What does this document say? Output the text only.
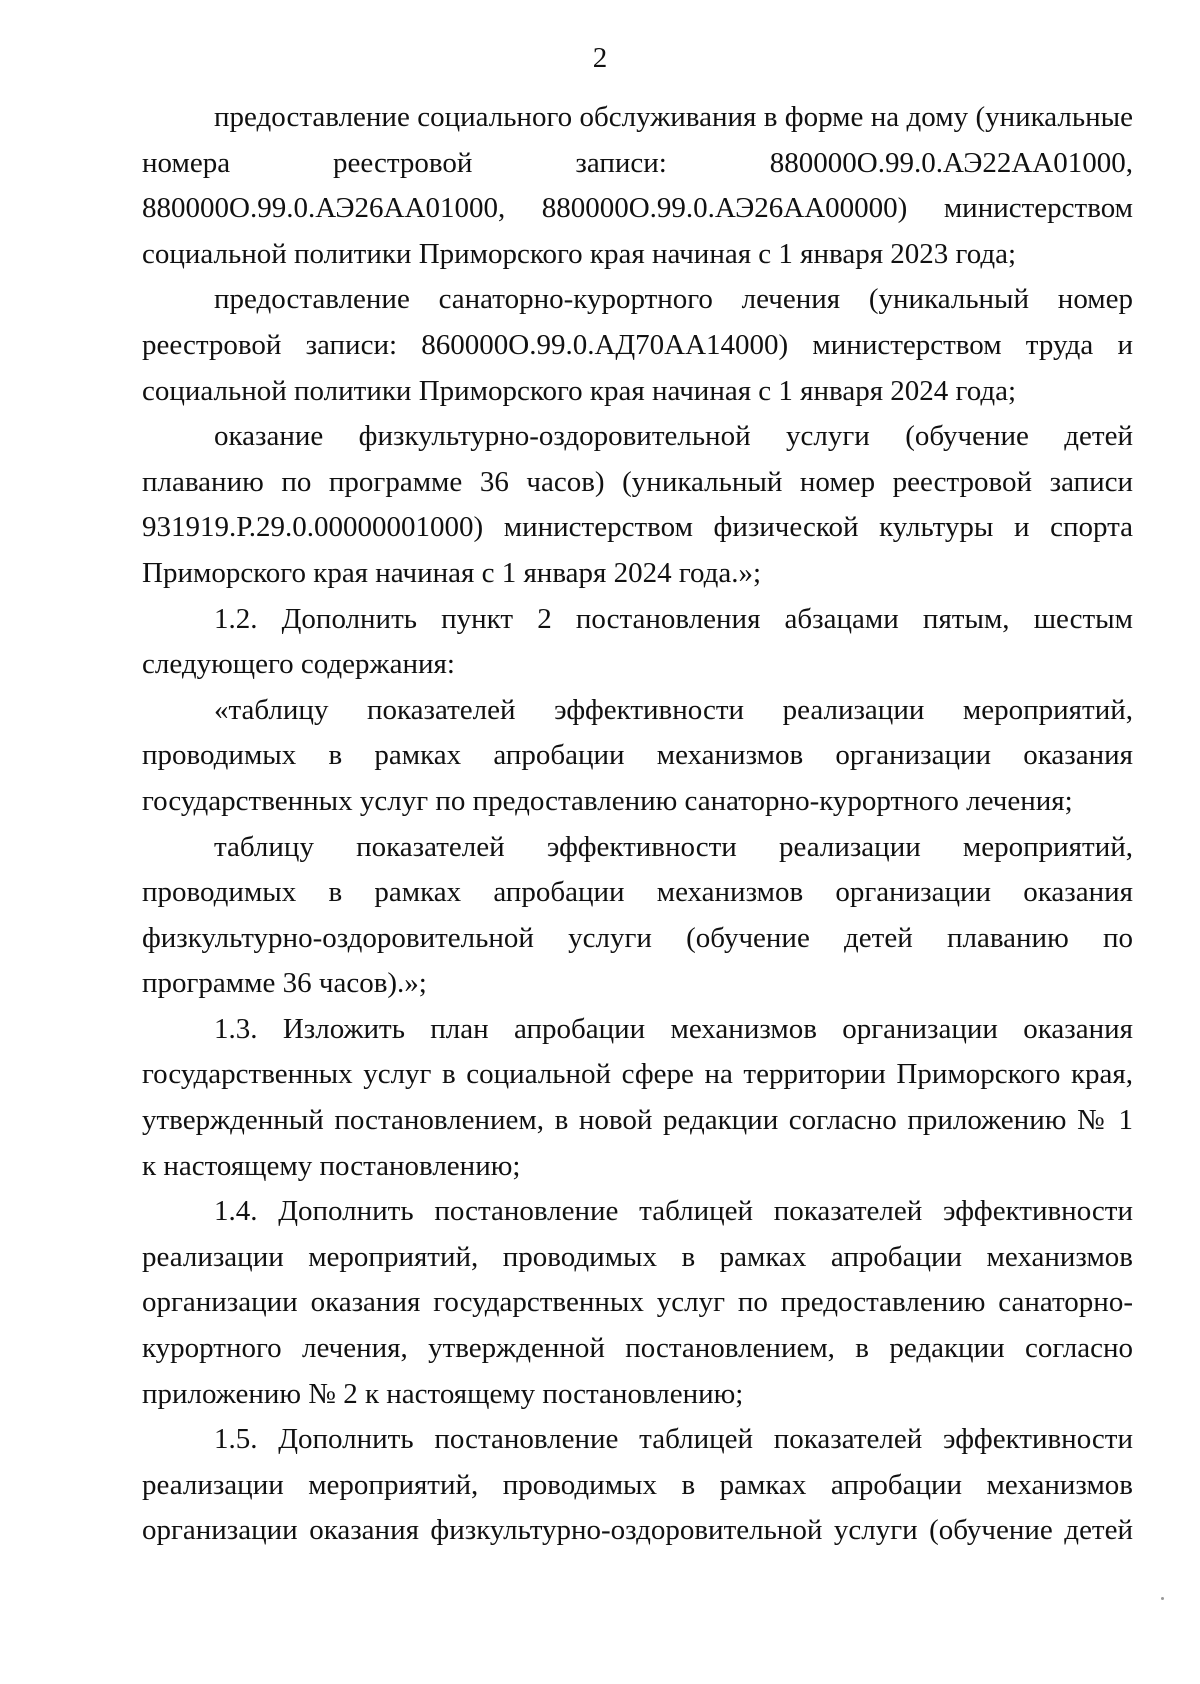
2
предоставление социального обслуживания в форме на дому (уникальные
номера реестровой записи: 880000О.99.0.АЭ22АА01000,
880000О.99.0.АЭ26АА01000, 880000О.99.0.АЭ26АА00000) министерством
социальной политики Приморского края начиная с 1 января 2023 года;
предоставление санаторно-курортного лечения (уникальный номер
реестровой записи: 860000О.99.0.АД70АА14000) министерством труда и
социальной политики Приморского края начиная с 1 января 2024 года;
оказание физкультурно-оздоровительной услуги (обучение детей
плаванию по программе 36 часов) (уникальный номер реестровой записи
931919.Р.29.0.00000001000) министерством физической культуры и спорта
Приморского края начиная с 1 января 2024 года.»;
1.2. Дополнить пункт 2 постановления абзацами пятым, шестым
следующего содержания:
«таблицу показателей эффективности реализации мероприятий,
проводимых в рамках апробации механизмов организации оказания
государственных услуг по предоставлению санаторно-курортного лечения;
таблицу показателей эффективности реализации мероприятий,
проводимых в рамках апробации механизмов организации оказания
физкультурно-оздоровительной услуги (обучение детей плаванию по
программе 36 часов).»;
1.3. Изложить план апробации механизмов организации оказания
государственных услуг в социальной сфере на территории Приморского края,
утвержденный постановлением, в новой редакции согласно приложению № 1
к настоящему постановлению;
1.4. Дополнить постановление таблицей показателей эффективности
реализации мероприятий, проводимых в рамках апробации механизмов
организации оказания государственных услуг по предоставлению санаторно-
курортного лечения, утвержденной постановлением, в редакции согласно
приложению № 2 к настоящему постановлению;
1.5. Дополнить постановление таблицей показателей эффективности
реализации мероприятий, проводимых в рамках апробации механизмов
организации оказания физкультурно-оздоровительной услуги (обучение детей
